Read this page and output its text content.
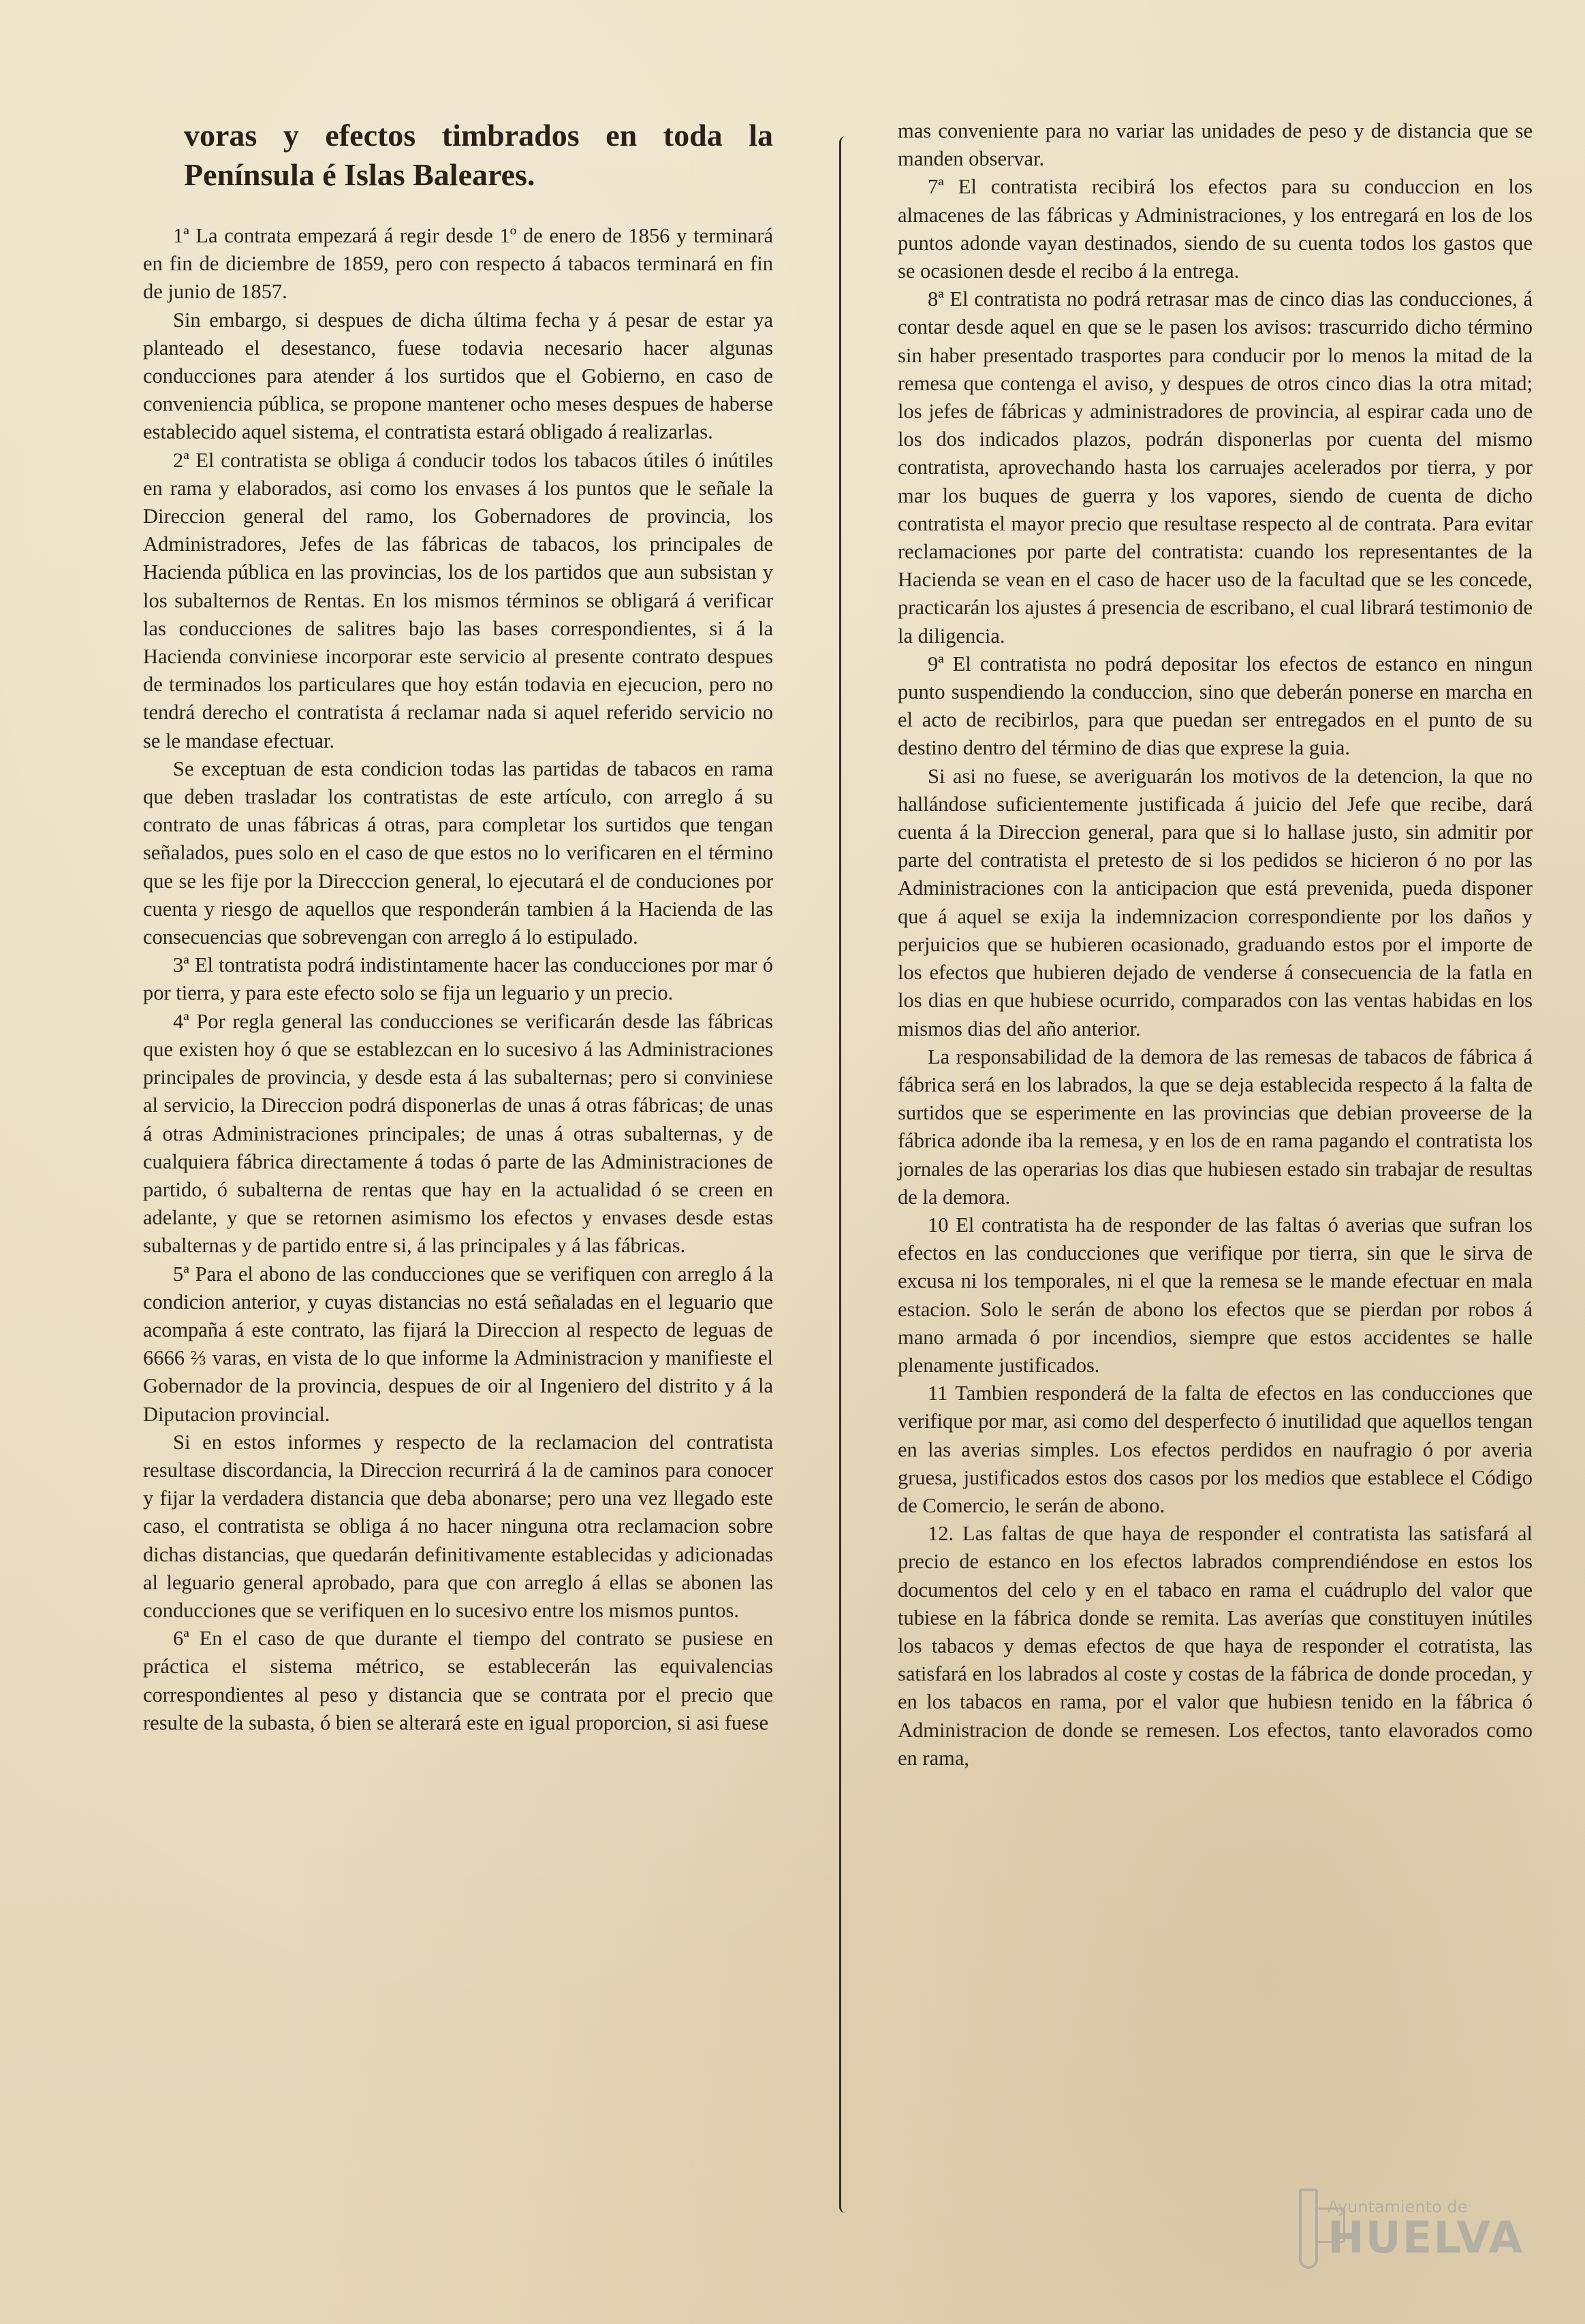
voras y efectos timbrados en toda la Península é Islas Baleares.

1ª La contrata empezará á regir desde 1º de enero de 1856 y terminará en fin de diciembre de 1859, pero con respecto á tabacos terminará en fin de junio de 1857.

Sin embargo, si despues de dicha última fecha y á pesar de estar ya planteado el desestanco, fuese todavia necesario hacer algunas conducciones para atender á los surtidos que el Gobierno, en caso de conveniencia pública, se propone mantener ocho meses despues de haberse establecido aquel sistema, el contratista estará obligado á realizarlas.

2ª El contratista se obliga á conducir todos los tabacos útiles ó inútiles en rama y elaborados, asi como los envases á los puntos que le señale la Direccion general del ramo, los Gobernadores de provincia, los Administradores, Jefes de las fábricas de tabacos, los principales de Hacienda pública en las provincias, los de los partidos que aun subsistan y los subalternos de Rentas. En los mismos términos se obligará á verificar las conducciones de salitres bajo las bases correspondientes, si á la Hacienda conviniese incorporar este servicio al presente contrato despues de terminados los particulares que hoy están todavia en ejecucion, pero no tendrá derecho el contratista á reclamar nada si aquel referido servicio no se le mandase efectuar.

Se exceptuan de esta condicion todas las partidas de tabacos en rama que deben trasladar los contratistas de este artículo, con arreglo á su contrato de unas fábricas á otras, para completar los surtidos que tengan señalados, pues solo en el caso de que estos no lo verificaren en el término que se les fije por la Direcccion general, lo ejecutará el de conduciones por cuenta y riesgo de aquellos que responderán tambien á la Hacienda de las consecuencias que sobrevengan con arreglo á lo estipulado.

3ª El tontratista podrá indistintamente hacer las conducciones por mar ó por tierra, y para este efecto solo se fija un leguario y un precio.

4ª Por regla general las conducciones se verificarán desde las fábricas que existen hoy ó que se establezcan en lo sucesivo á las Administraciones principales de provincia, y desde esta á las subalternas; pero si conviniese al servicio, la Direccion podrá disponerlas de unas á otras fábricas; de unas á otras Administraciones principales; de unas á otras subalternas, y de cualquiera fábrica directamente á todas ó parte de las Administraciones de partido, ó subalterna de rentas que hay en la actualidad ó se creen en adelante, y que se retornen asimismo los efectos y envases desde estas subalternas y de partido entre si, á las principales y á las fábricas.

5ª Para el abono de las conducciones que se verifiquen con arreglo á la condicion anterior, y cuyas distancias no está señaladas en el leguario que acompaña á este contrato, las fijará la Direccion al respecto de leguas de 6666 ⅔ varas, en vista de lo que informe la Administracion y manifieste el Gobernador de la provincia, despues de oir al Ingeniero del distrito y á la Diputacion provincial.

Si en estos informes y respecto de la reclamacion del contratista resultase discordancia, la Direccion recurrirá á la de caminos para conocer y fijar la verdadera distancia que deba abonarse; pero una vez llegado este caso, el contratista se obliga á no hacer ninguna otra reclamacion sobre dichas distancias, que quedarán definitivamente establecidas y adicionadas al leguario general aprobado, para que con arreglo á ellas se abonen las conducciones que se verifiquen en lo sucesivo entre los mismos puntos.

6ª En el caso de que durante el tiempo del contrato se pusiese en práctica el sistema métrico, se establecerán las equivalencias correspondientes al peso y distancia que se contrata por el precio que resulte de la subasta, ó bien se alterará este en igual proporcion, si asi fuese

mas conveniente para no variar las unidades de peso y de distancia que se manden observar.

7ª El contratista recibirá los efectos para su conduccion en los almacenes de las fábricas y Administraciones, y los entregará en los de los puntos adonde vayan destinados, siendo de su cuenta todos los gastos que se ocasionen desde el recibo á la entrega.

8ª El contratista no podrá retrasar mas de cinco dias las conducciones, á contar desde aquel en que se le pasen los avisos: trascurrido dicho término sin haber presentado trasportes para conducir por lo menos la mitad de la remesa que contenga el aviso, y despues de otros cinco dias la otra mitad; los jefes de fábricas y administradores de provincia, al espirar cada uno de los dos indicados plazos, podrán disponerlas por cuenta del mismo contratista, aprovechando hasta los carruajes acelerados por tierra, y por mar los buques de guerra y los vapores, siendo de cuenta de dicho contratista el mayor precio que resultase respecto al de contrata. Para evitar reclamaciones por parte del contratista: cuando los representantes de la Hacienda se vean en el caso de hacer uso de la facultad que se les concede, practicarán los ajustes á presencia de escribano, el cual librará testimonio de la diligencia.

9ª El contratista no podrá depositar los efectos de estanco en ningun punto suspendiendo la conduccion, sino que deberán ponerse en marcha en el acto de recibirlos, para que puedan ser entregados en el punto de su destino dentro del término de dias que exprese la guia.

Si asi no fuese, se averiguarán los motivos de la detencion, la que no hallándose suficientemente justificada á juicio del Jefe que recibe, dará cuenta á la Direccion general, para que si lo hallase justo, sin admitir por parte del contratista el pretesto de si los pedidos se hicieron ó no por las Administraciones con la anticipacion que está prevenida, pueda disponer que á aquel se exija la indemnizacion correspondiente por los daños y perjuicios que se hubieren ocasionado, graduando estos por el importe de los efectos que hubieren dejado de venderse á consecuencia de la fatla en los dias en que hubiese ocurrido, comparados con las ventas habidas en los mismos dias del año anterior.

La responsabilidad de la demora de las remesas de tabacos de fábrica á fábrica será en los labrados, la que se deja establecida respecto á la falta de surtidos que se esperimente en las provincias que debian proveerse de la fábrica adonde iba la remesa, y en los de en rama pagando el contratista los jornales de las operarias los dias que hubiesen estado sin trabajar de resultas de la demora.

10 El contratista ha de responder de las faltas ó averias que sufran los efectos en las conducciones que verifique por tierra, sin que le sirva de excusa ni los temporales, ni el que la remesa se le mande efectuar en mala estacion. Solo le serán de abono los efectos que se pierdan por robos á mano armada ó por incendios, siempre que estos accidentes se halle plenamente justificados.

11 Tambien responderá de la falta de efectos en las conducciones que verifique por mar, asi como del desperfecto ó inutilidad que aquellos tengan en las averias simples. Los efectos perdidos en naufragio ó por averia gruesa, justificados estos dos casos por los medios que establece el Código de Comercio, le serán de abono.

12. Las faltas de que haya de responder el contratista las satisfará al precio de estanco en los efectos labrados comprendiéndose en estos los documentos del celo y en el tabaco en rama el cuádruplo del valor que tubiese en la fábrica donde se remita. Las averías que constituyen inútiles los tabacos y demas efectos de que haya de responder el cotratista, las satisfará en los labrados al coste y costas de la fábrica de donde procedan, y en los tabacos en rama, por el valor que hubiesn tenido en la fábrica ó Administracion de donde se remesen. Los efectos, tanto elavorados como en rama,

Ayuntamiento de
HUELVA
